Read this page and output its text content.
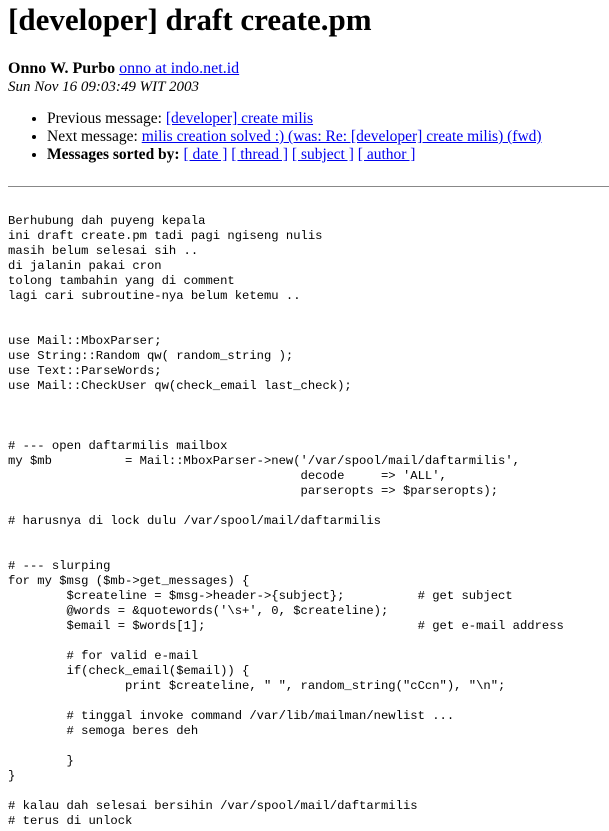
[developer] draft create.pm
Onno W. Purbo onno at indo.net.id
Sun Nov 16 09:03:49 WIT 2003
• Previous message: [developer] create milis
• Next message: milis creation solved :) (was: Re: [developer] create milis) (fwd)
• Messages sorted by: [ date ] [ thread ] [ subject ] [ author ]
Berhubung dah puyeng kepala
ini draft create.pm tadi pagi ngiseng nulis
masih belum selesai sih ..
di jalanin pakai cron
tolong tambahin yang di comment
lagi cari subroutine-nya belum ketemu ..

use Mail::MboxParser;
use String::Random qw( random_string );
use Text::ParseWords;
use Mail::CheckUser qw(check_email last_check);

# --- open daftarmilis mailbox
my $mb          = Mail::MboxParser->new('/var/spool/mail/daftarmilis',
decode     => 'ALL',
parseropts => $parseropts);

# harusnya di lock dulu /var/spool/mail/daftarmilis

# --- slurping
for my $msg ($mb->get_messages) {
$createline = $msg->header->{subject};          # get subject
@words = &quotewords('\s+', 0, $createline);
$email = $words[1];                             # get e-mail address

# for valid e-mail
if(check_email($email)) {
print $createline, " ", random_string("cCcn"), "\n";

# tinggal invoke command /var/lib/mailman/newlist ...
# semoga beres deh

}
}

# kalau dah selesai bersihin /var/spool/mail/daftarmilis
# terus di unlock
